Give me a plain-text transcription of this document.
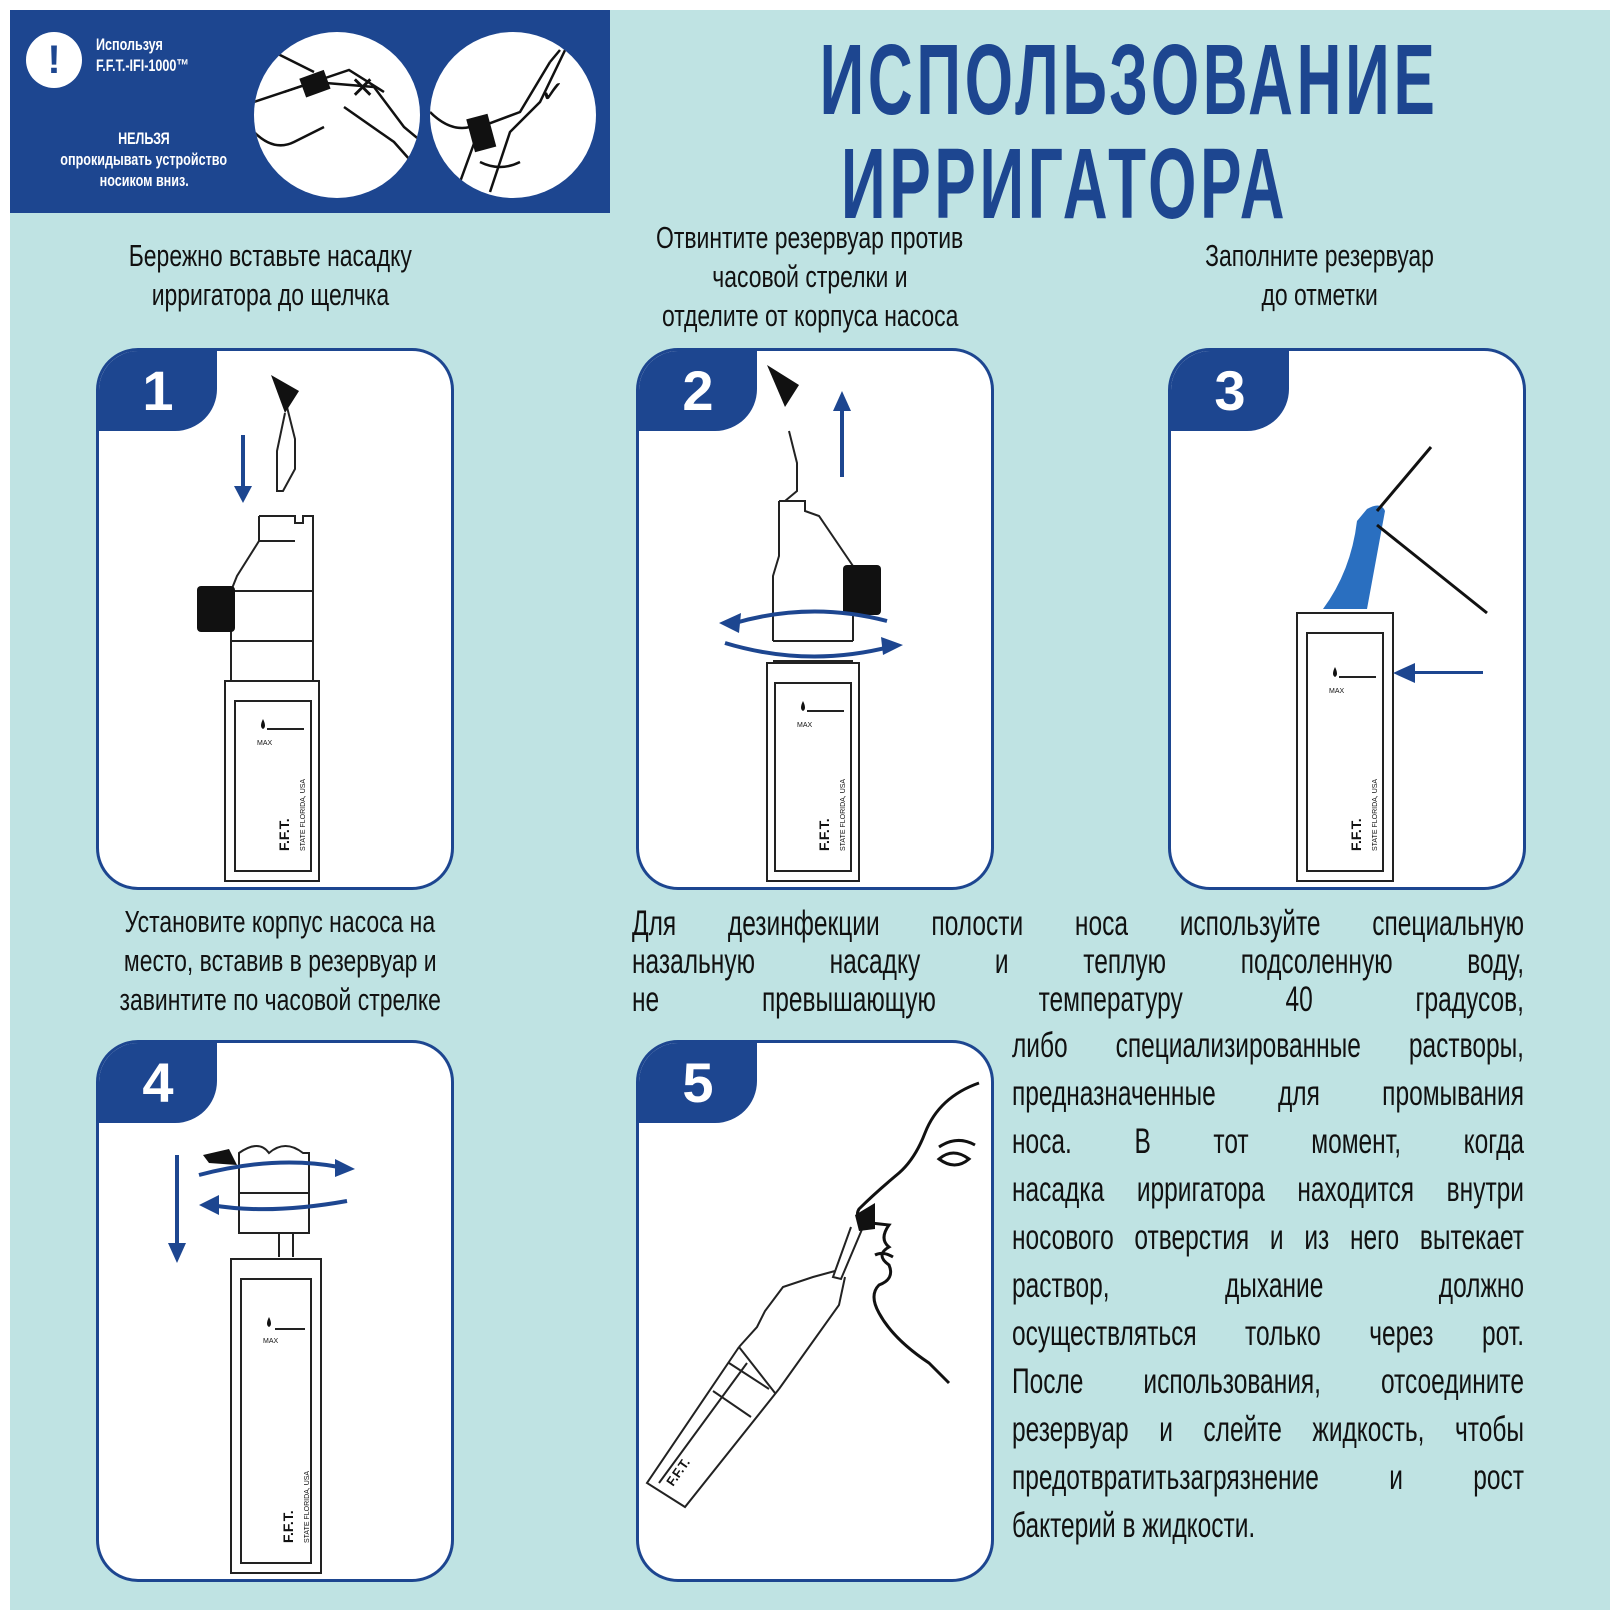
!	Используя
F.F.T.-IFI-1000™
НЕЛЬЗЯ
опрокидывать устройство
носиком вниз.
✕	✓	ИСПОЛЬЗОВАНИЕ
ИРРИГАТОРА
Бережно вставьте насадку
ирригатора до щелчка
Отвинтите резервуар против
часовой стрелки и
отделите от корпуса насоса
Заполните резервуар
до отметки
Установите корпус насоса на
место, вставив в резервуар и
завинтите по часовой стрелке
MAX
F.F.T. STATE FLORIDA, USA
1
MAX
F.F.T. STATE FLORIDA, USA
2
MAX
F.F.T. STATE FLORIDA, USA
3
MAX
F.F.T. STATE FLORIDA, USA
4
F.F.T.
5
Для дезинфекции полости носа используйте специальную
назальную насадку и теплую подсоленную воду,
не превышающую температуру 40 градусов,
либо специализированные растворы,
предназначенные для промывания
носа. В тот момент, когда
насадка ирригатора находится внутри
носового отверстия и из него вытекает
раствор, дыхание должно
осуществляться только через рот.
После использования, отсоедините
резервуар и слейте жидкость, чтобы
предотвратитьзагрязнение и рост
бактерий в жидкости.
